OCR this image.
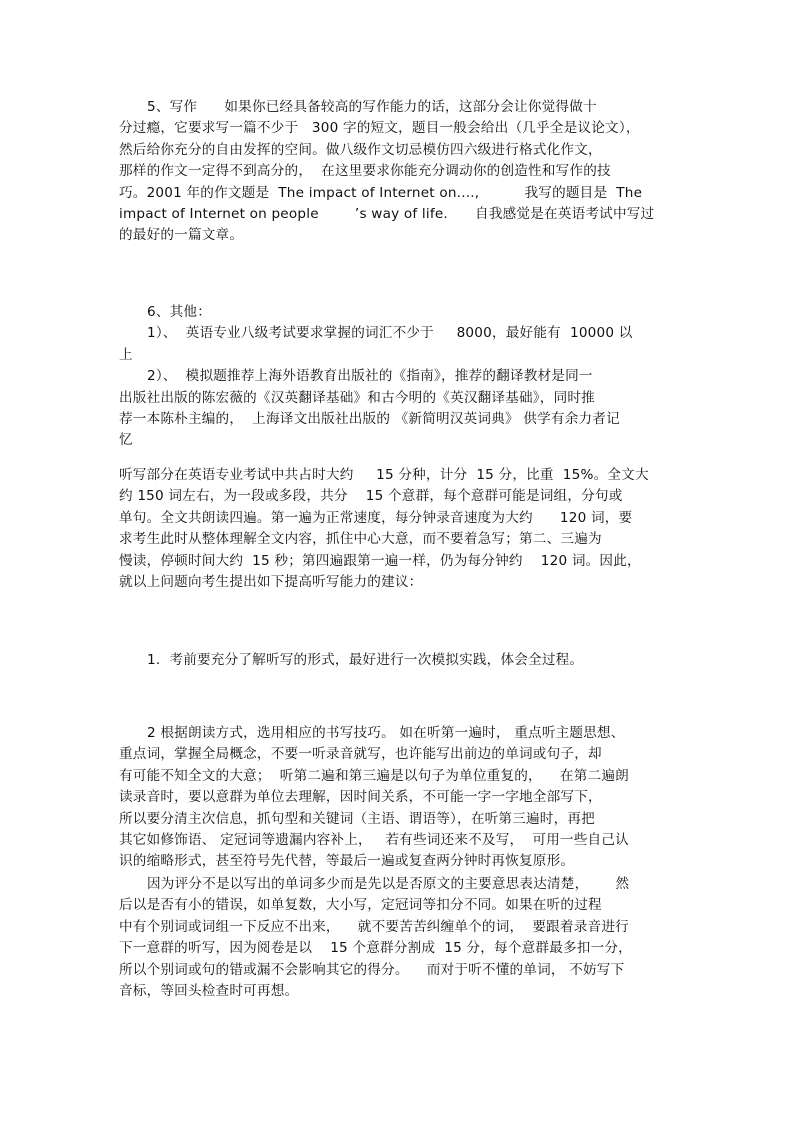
5、写作      如果你已经具备较高的写作能力的话，这部分会让你觉得做十
分过瘾，它要求写一篇不少于   300 字的短文，题目一般会给出（几乎全是议论文），
然后给你充分的自由发挥的空间。做八级作文切忌模仿四六级进行格式化作文，
那样的作文一定得不到高分的，  在这里要求你能充分调动你的创造性和写作的技
巧。2001 年的作文题是  The impact of Internet on....,          我写的题目是  The
impact of Internet on people        ’s way of life.      自我感觉是在英语考试中写过
的最好的一篇文章。
6、其他：
1）、  英语专业八级考试要求掌握的词汇不少于     8000，最好能有  10000 以
上
2）、  模拟题推荐上海外语教育出版社的《指南》，推荐的翻译教材是同一
出版社出版的陈宏薇的《汉英翻译基础》和古今明的《英汉翻译基础》，同时推
荐一本陈朴主编的，  上海译文出版社出版的 《新简明汉英词典》 供学有余力者记
忆
听写部分在英语专业考试中共占时大约     15 分种，计分  15 分，比重  15%。全文大
约 150 词左右，为一段或多段，共分    15 个意群，每个意群可能是词组，分句或
单句。全文共朗读四遍。第一遍为正常速度，每分钟录音速度为大约      120 词，要
求考生此时从整体理解全文内容，抓住中心大意，而不要着急写；第二、三遍为
慢读，停顿时间大约  15 秒；第四遍跟第一遍一样，仍为每分钟约    120 词。因此，
就以上问题向考生提出如下提高听写能力的建议：
1.  考前要充分了解听写的形式，最好进行一次模拟实践，体会全过程。
2 根据朗读方式，选用相应的书写技巧。 如在听第一遍时， 重点听主题思想、
重点词，掌握全局概念，不要一听录音就写，也许能写出前边的单词或句子，却
有可能不知全文的大意；  听第二遍和第三遍是以句子为单位重复的，    在第二遍朗
读录音时，要以意群为单位去理解，因时间关系，不可能一字一字地全部写下，
所以要分清主次信息，抓句型和关键词（主语、谓语等），在听第三遍时，再把
其它如修饰语、 定冠词等遗漏内容补上，   若有些词还来不及写，  可用一些自己认
识的缩略形式，甚至符号先代替，等最后一遍或复查两分钟时再恢复原形。
因为评分不是以写出的单词多少而是先以是否原文的主要意思表达清楚，      然
后以是否有小的错误，如单复数，大小写，定冠词等扣分不同。如果在听的过程
中有个别词或词组一下反应不出来，    就不要苦苦纠缠单个的词，  要跟着录音进行
下一意群的听写，因为阅卷是以    15 个意群分割成  15 分，每个意群最多扣一分，
所以个别词或句的错或漏不会影响其它的得分。    而对于听不懂的单词， 不妨写下
音标，等回头检查时可再想。
